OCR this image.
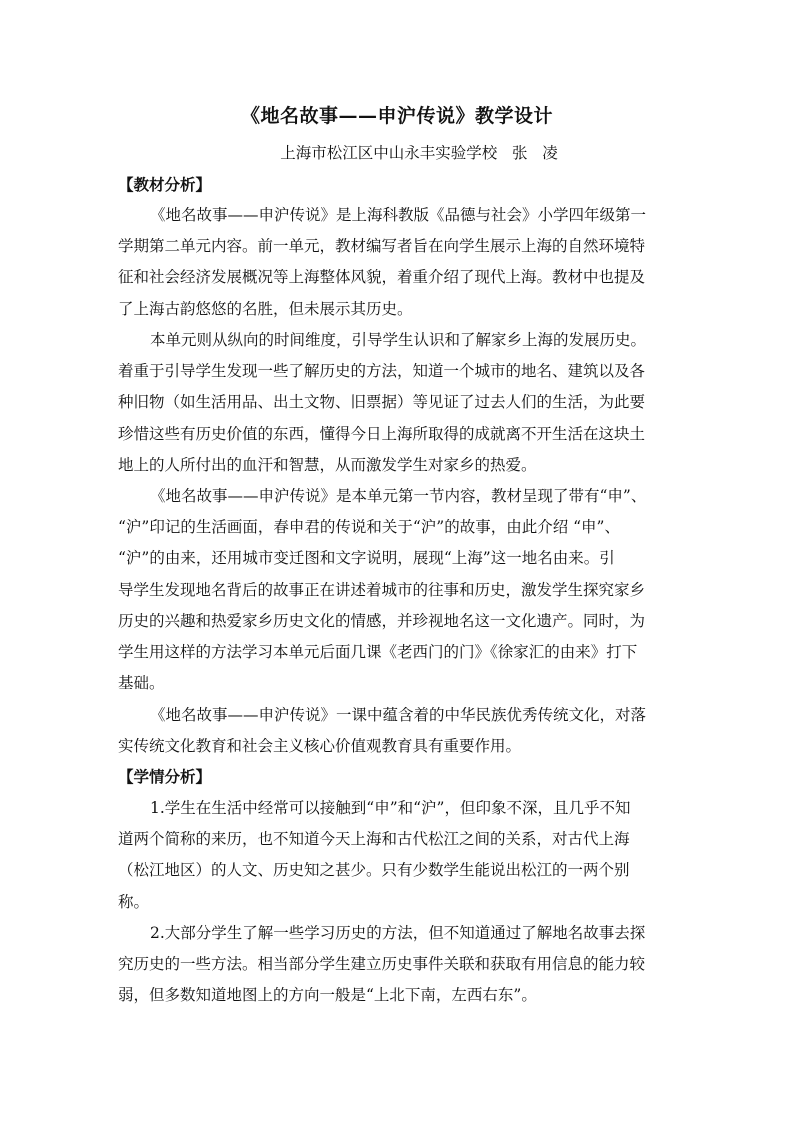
《地名故事——申沪传说》教学设计
上海市松江区中山永丰实验学校   张   凌
【教材分析】
《地名故事——申沪传说》是上海科教版《品德与社会》小学四年级第一
学期第二单元内容。前一单元，教材编写者旨在向学生展示上海的自然环境特
征和社会经济发展概况等上海整体风貌，着重介绍了现代上海。教材中也提及
了上海古韵悠悠的名胜，但未展示其历史。
本单元则从纵向的时间维度，引导学生认识和了解家乡上海的发展历史。
着重于引导学生发现一些了解历史的方法，知道一个城市的地名、建筑以及各
种旧物（如生活用品、出土文物、旧票据）等见证了过去人们的生活，为此要
珍惜这些有历史价值的东西，懂得今日上海所取得的成就离不开生活在这块土
地上的人所付出的血汗和智慧，从而激发学生对家乡的热爱。
《地名故事——申沪传说》是本单元第一节内容，教材呈现了带有“申”、
“沪”印记的生活画面，春申君的传说和关于“沪”的故事，由此介绍 “申”、
“沪”的由来，还用城市变迁图和文字说明，展现“上海”这一地名由来。引
导学生发现地名背后的故事正在讲述着城市的往事和历史，激发学生探究家乡
历史的兴趣和热爱家乡历史文化的情感，并珍视地名这一文化遗产。同时，为
学生用这样的方法学习本单元后面几课《老西门的门》《徐家汇的由来》打下
基础。
《地名故事——申沪传说》一课中蕴含着的中华民族优秀传统文化，对落
实传统文化教育和社会主义核心价值观教育具有重要作用。
【学情分析】
1.学生在生活中经常可以接触到“申”和“沪”，但印象不深，且几乎不知
道两个简称的来历，也不知道今天上海和古代松江之间的关系，对古代上海
（松江地区）的人文、历史知之甚少。只有少数学生能说出松江的一两个别
称。
2.大部分学生了解一些学习历史的方法，但不知道通过了解地名故事去探
究历史的一些方法。相当部分学生建立历史事件关联和获取有用信息的能力较
弱，但多数知道地图上的方向一般是“上北下南，左西右东”。
